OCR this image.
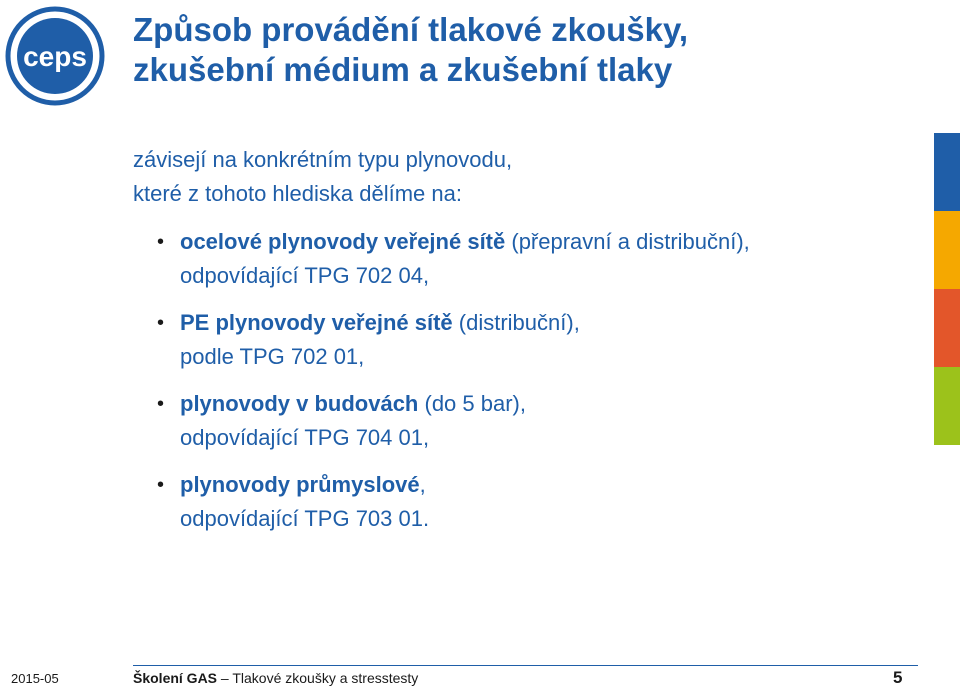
ceps
Způsob provádění tlakové zkoušky,
zkušební médium a zkušební tlaky

závisejí na konkrétním typu plynovodu,
které z tohoto hlediska dělíme na:

• ocelové plynovody veřejné sítě (přepravní a distribuční),
odpovídající TPG 702 04,
• PE plynovody veřejné sítě (distribuční),
podle TPG 702 01,
• plynovody v budovách (do 5 bar),
odpovídající TPG 704 01,
• plynovody průmyslové,
odpovídající TPG 703 01.
2015-05	Školení GAS – Tlakové zkoušky a stresstesty	5
